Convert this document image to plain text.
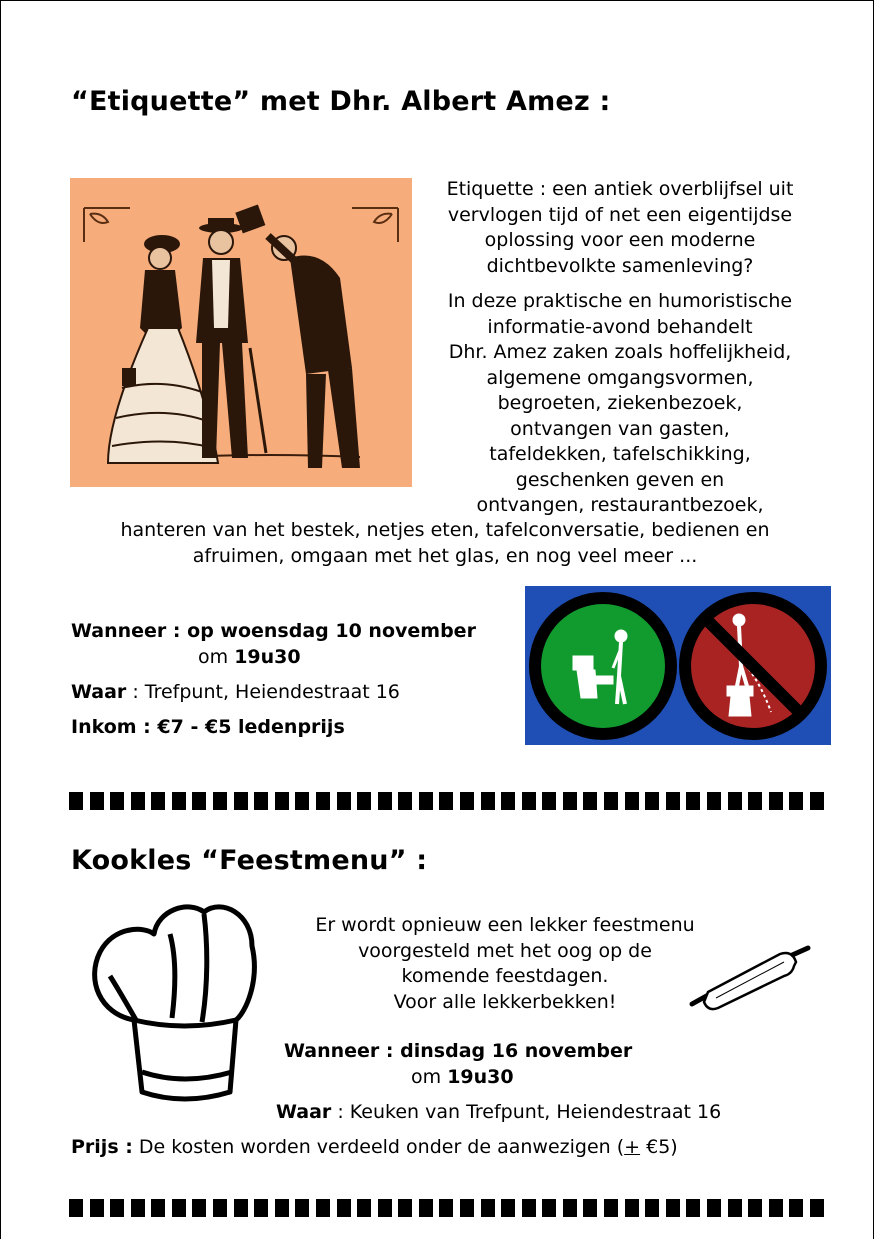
“Etiquette” met Dhr. Albert Amez :
Etiquette : een antiek overblijfsel uit
vervlogen tijd of net een eigentijdse
oplossing voor een moderne
dichtbevolkte samenleving?
In deze praktische en humoristische
informatie-avond behandelt
Dhr. Amez zaken zoals hoffelijkheid,
algemene omgangsvormen,
begroeten, ziekenbezoek,
ontvangen van gasten,
tafeldekken, tafelschikking,
geschenken geven en
ontvangen, restaurantbezoek,
hanteren van het bestek, netjes eten, tafelconversatie, bedienen en
afruimen, omgaan met het glas, en nog veel meer ...
Wanneer : op woensdag 10 november
om 19u30
Waar : Trefpunt, Heiendestraat 16
Inkom : €7 - €5 ledenprijs
Kookles “Feestmenu” :
Er wordt opnieuw een lekker feestmenu
voorgesteld met het oog op de
komende feestdagen.
Voor alle lekkerbekken!
Wanneer : dinsdag 16 november
om 19u30
Waar : Keuken van Trefpunt, Heiendestraat 16
Prijs : De kosten worden verdeeld onder de aanwezigen (+ €5)
